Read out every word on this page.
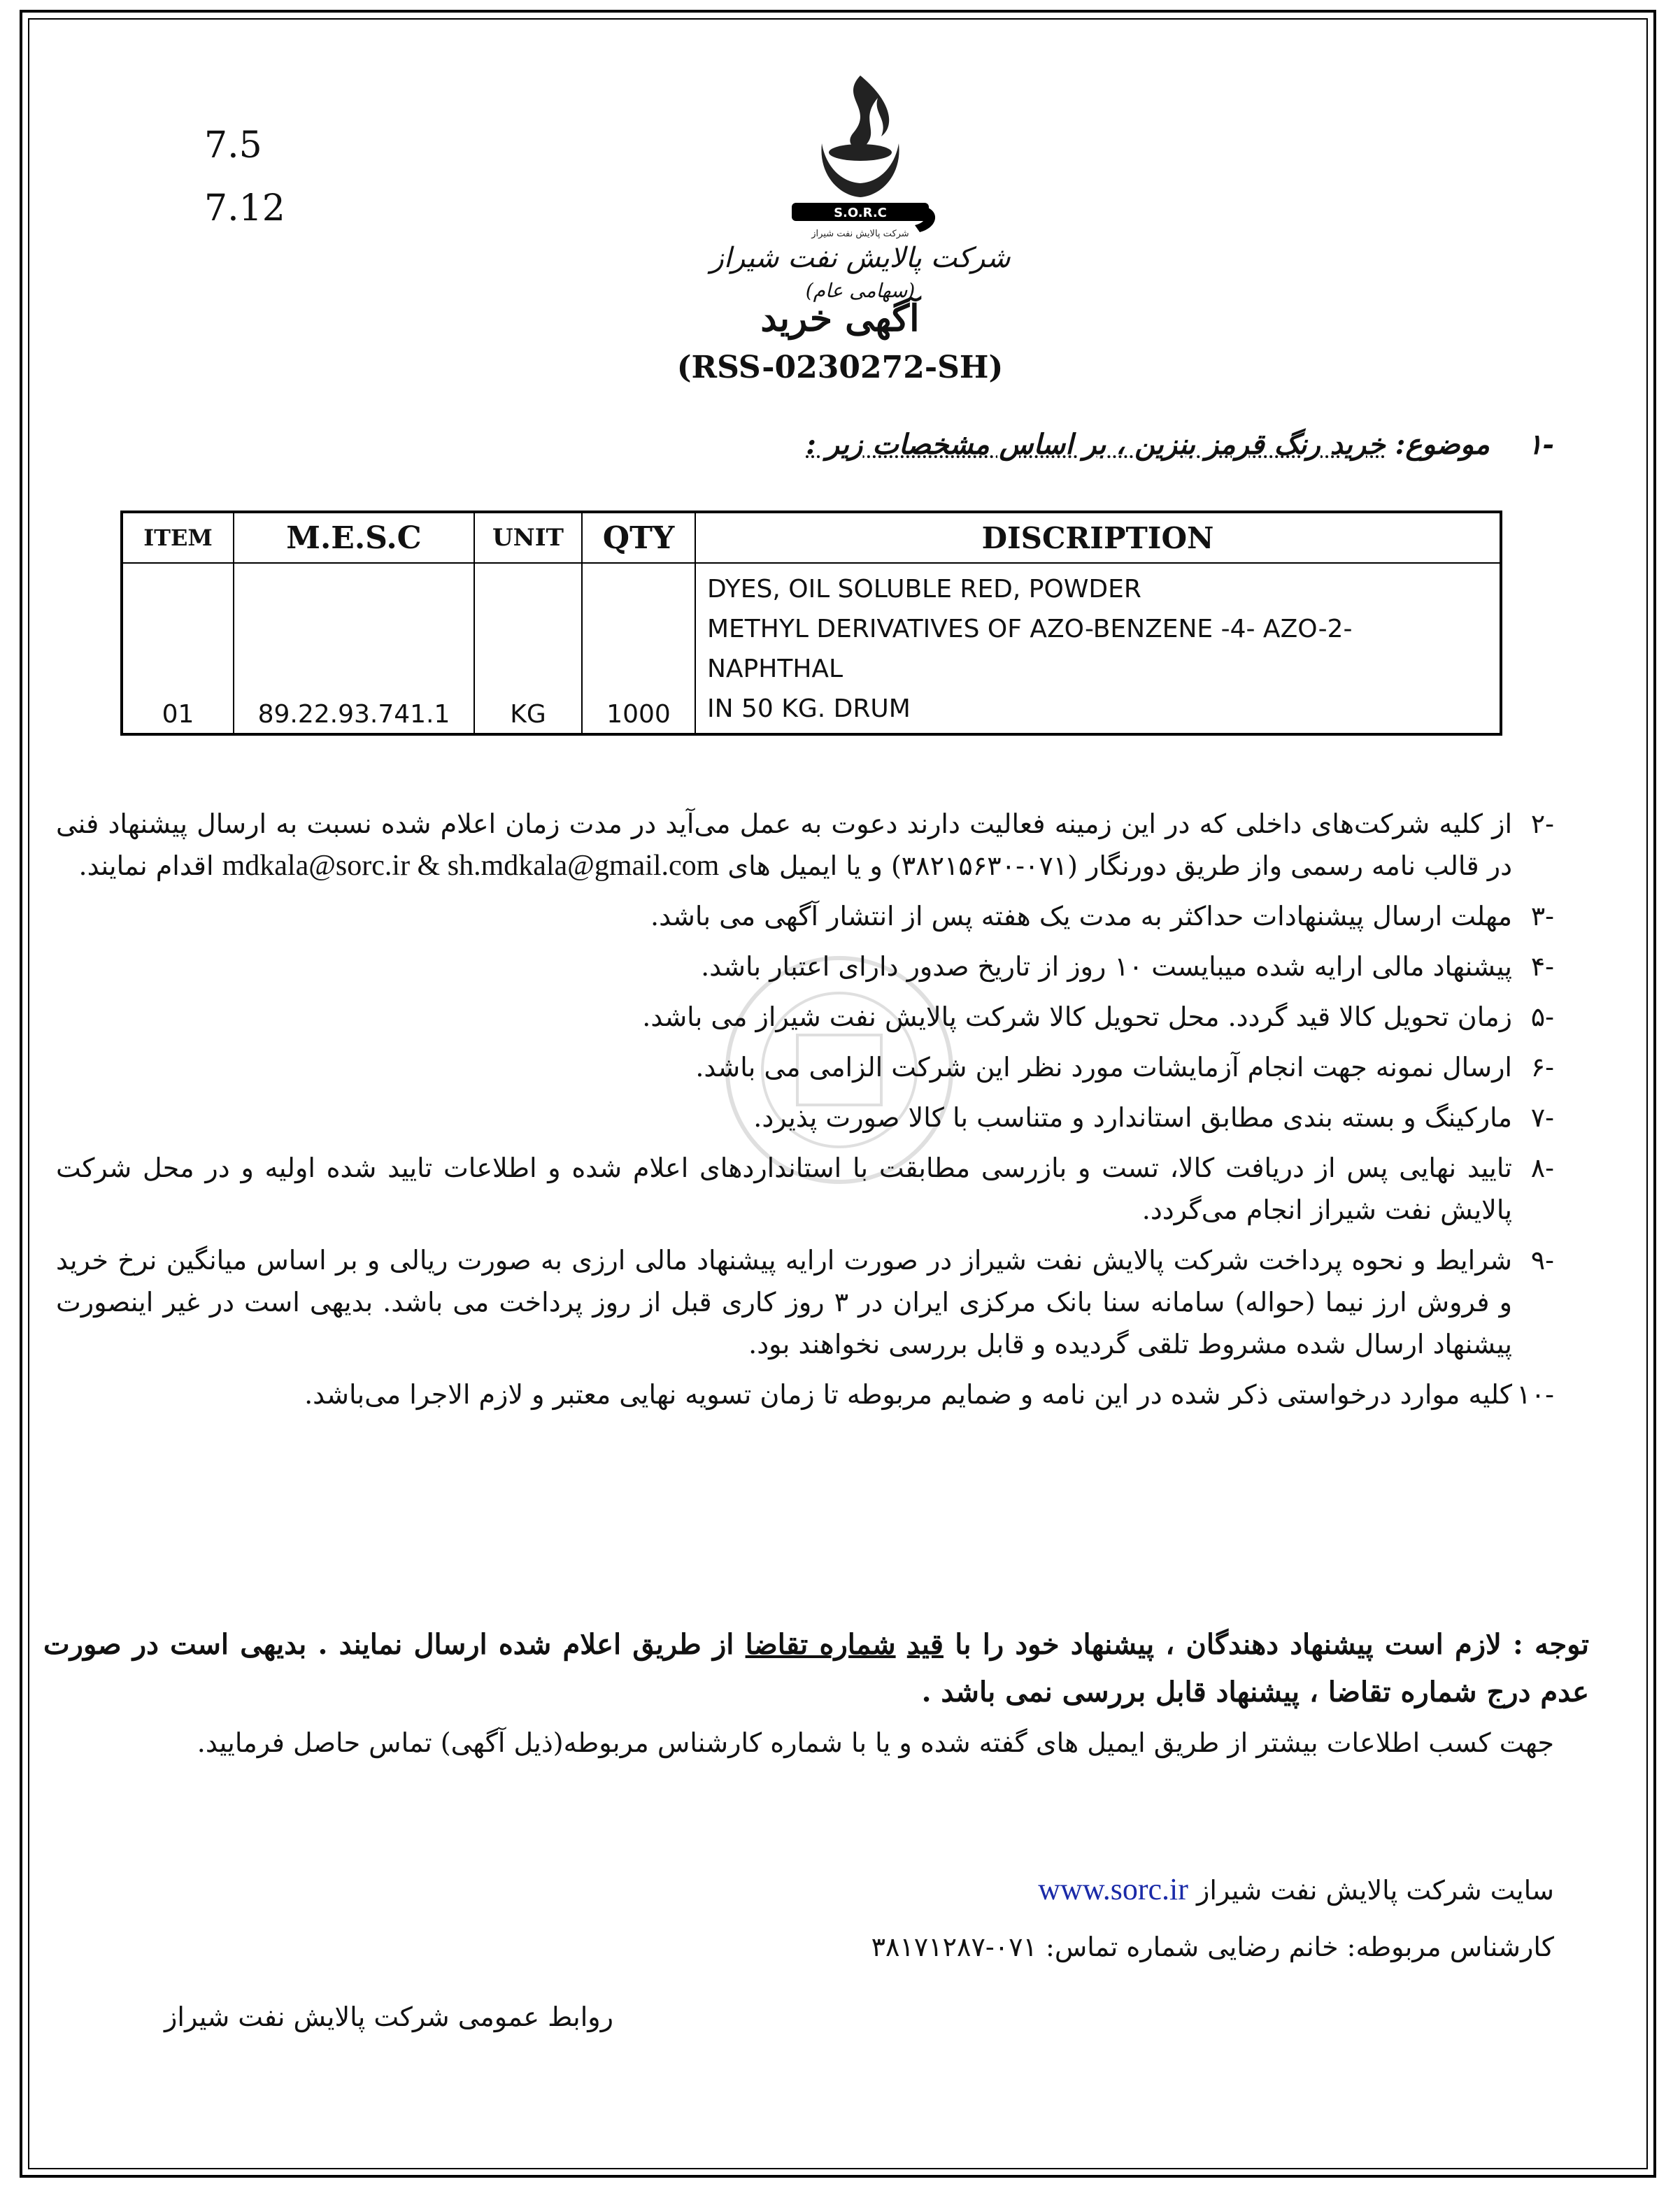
7.5
7.12	S.O.R.C
شرکت پالایش نفت شیراز
شرکت پالایش نفت شیراز
(سهامی عام)
آگهی خرید
(RSS-0230272-SH)
-۱ موضوع: خرید رنگ قرمز بنزین ، بر اساس مشخصات زیر :
ITEM	M.E.S.C	UNIT	QTY	DISCRIPTION
01	89.22.93.741.1	KG	1000	DYES, OIL SOLUBLE RED, POWDER
METHYL DERIVATIVES OF AZO-BENZENE -4- AZO-2-
NAPHTHAL
IN 50 KG. DRUM
-۲
از کلیه شرکت‌های داخلی که در این زمینه فعالیت دارند دعوت به عمل می‌آید در مدت زمان اعلام شده نسبت به ارسال پیشنهاد فنی در قالب نامه رسمی واز طریق دورنگار (۰۷۱-۳۸۲۱۵۶۳۰) و یا ایمیل های mdkala@sorc.ir & sh.mdkala@gmail.com اقدام نمایند.
-۳
مهلت ارسال پیشنهادات حداکثر به مدت یک هفته پس از انتشار آگهی می باشد.
-۴
پیشنهاد مالی ارایه شده میبایست ۱۰ روز از تاریخ صدور دارای اعتبار باشد.
-۵
زمان تحویل کالا قید گردد. محل تحویل کالا شرکت پالایش نفت شیراز می باشد.
-۶
ارسال نمونه جهت انجام آزمایشات مورد نظر این شرکت الزامی می باشد.
-۷
مارکینگ و بسته بندی مطابق استاندارد و متناسب با کالا صورت پذیرد.
-۸
تایید نهایی پس از دریافت کالا، تست و بازرسی مطابقت با استانداردهای اعلام شده و اطلاعات تایید شده اولیه و در محل شرکت پالایش نفت شیراز انجام می‌گردد.
-۹
شرایط و نحوه پرداخت شرکت پالایش نفت شیراز در صورت ارایه پیشنهاد مالی ارزی به صورت ریالی و بر اساس میانگین نرخ خرید و فروش ارز نیما (حواله) سامانه سنا بانک مرکزی ایران در ۳ روز کاری قبل از روز پرداخت می باشد. بدیهی است در غیر اینصورت پیشنهاد ارسال شده مشروط تلقی گردیده و قابل بررسی نخواهند بود.
-۱۰
کلیه موارد درخواستی ذکر شده در این نامه و ضمایم مربوطه تا زمان تسویه نهایی معتبر و لازم الاجرا می‌باشد.
توجه : لازم است پیشنهاد دهندگان ، پیشنهاد خود را با قید شماره تقاضا از طریق اعلام شده ارسال نمایند . بدیهی است در صورت عدم درج شماره تقاضا ، پیشنهاد قابل بررسی نمی باشد .
جهت کسب اطلاعات بیشتر از طریق ایمیل های گفته شده و یا با شماره کارشناس مربوطه(ذیل آگهی) تماس حاصل فرمایید.
سایت شرکت پالایش نفت شیراز www.sorc.ir
کارشناس مربوطه: خانم رضایی شماره تماس: ۰۷۱-۳۸۱۷۱۲۸۷
روابط عمومی شرکت پالایش نفت شیراز
